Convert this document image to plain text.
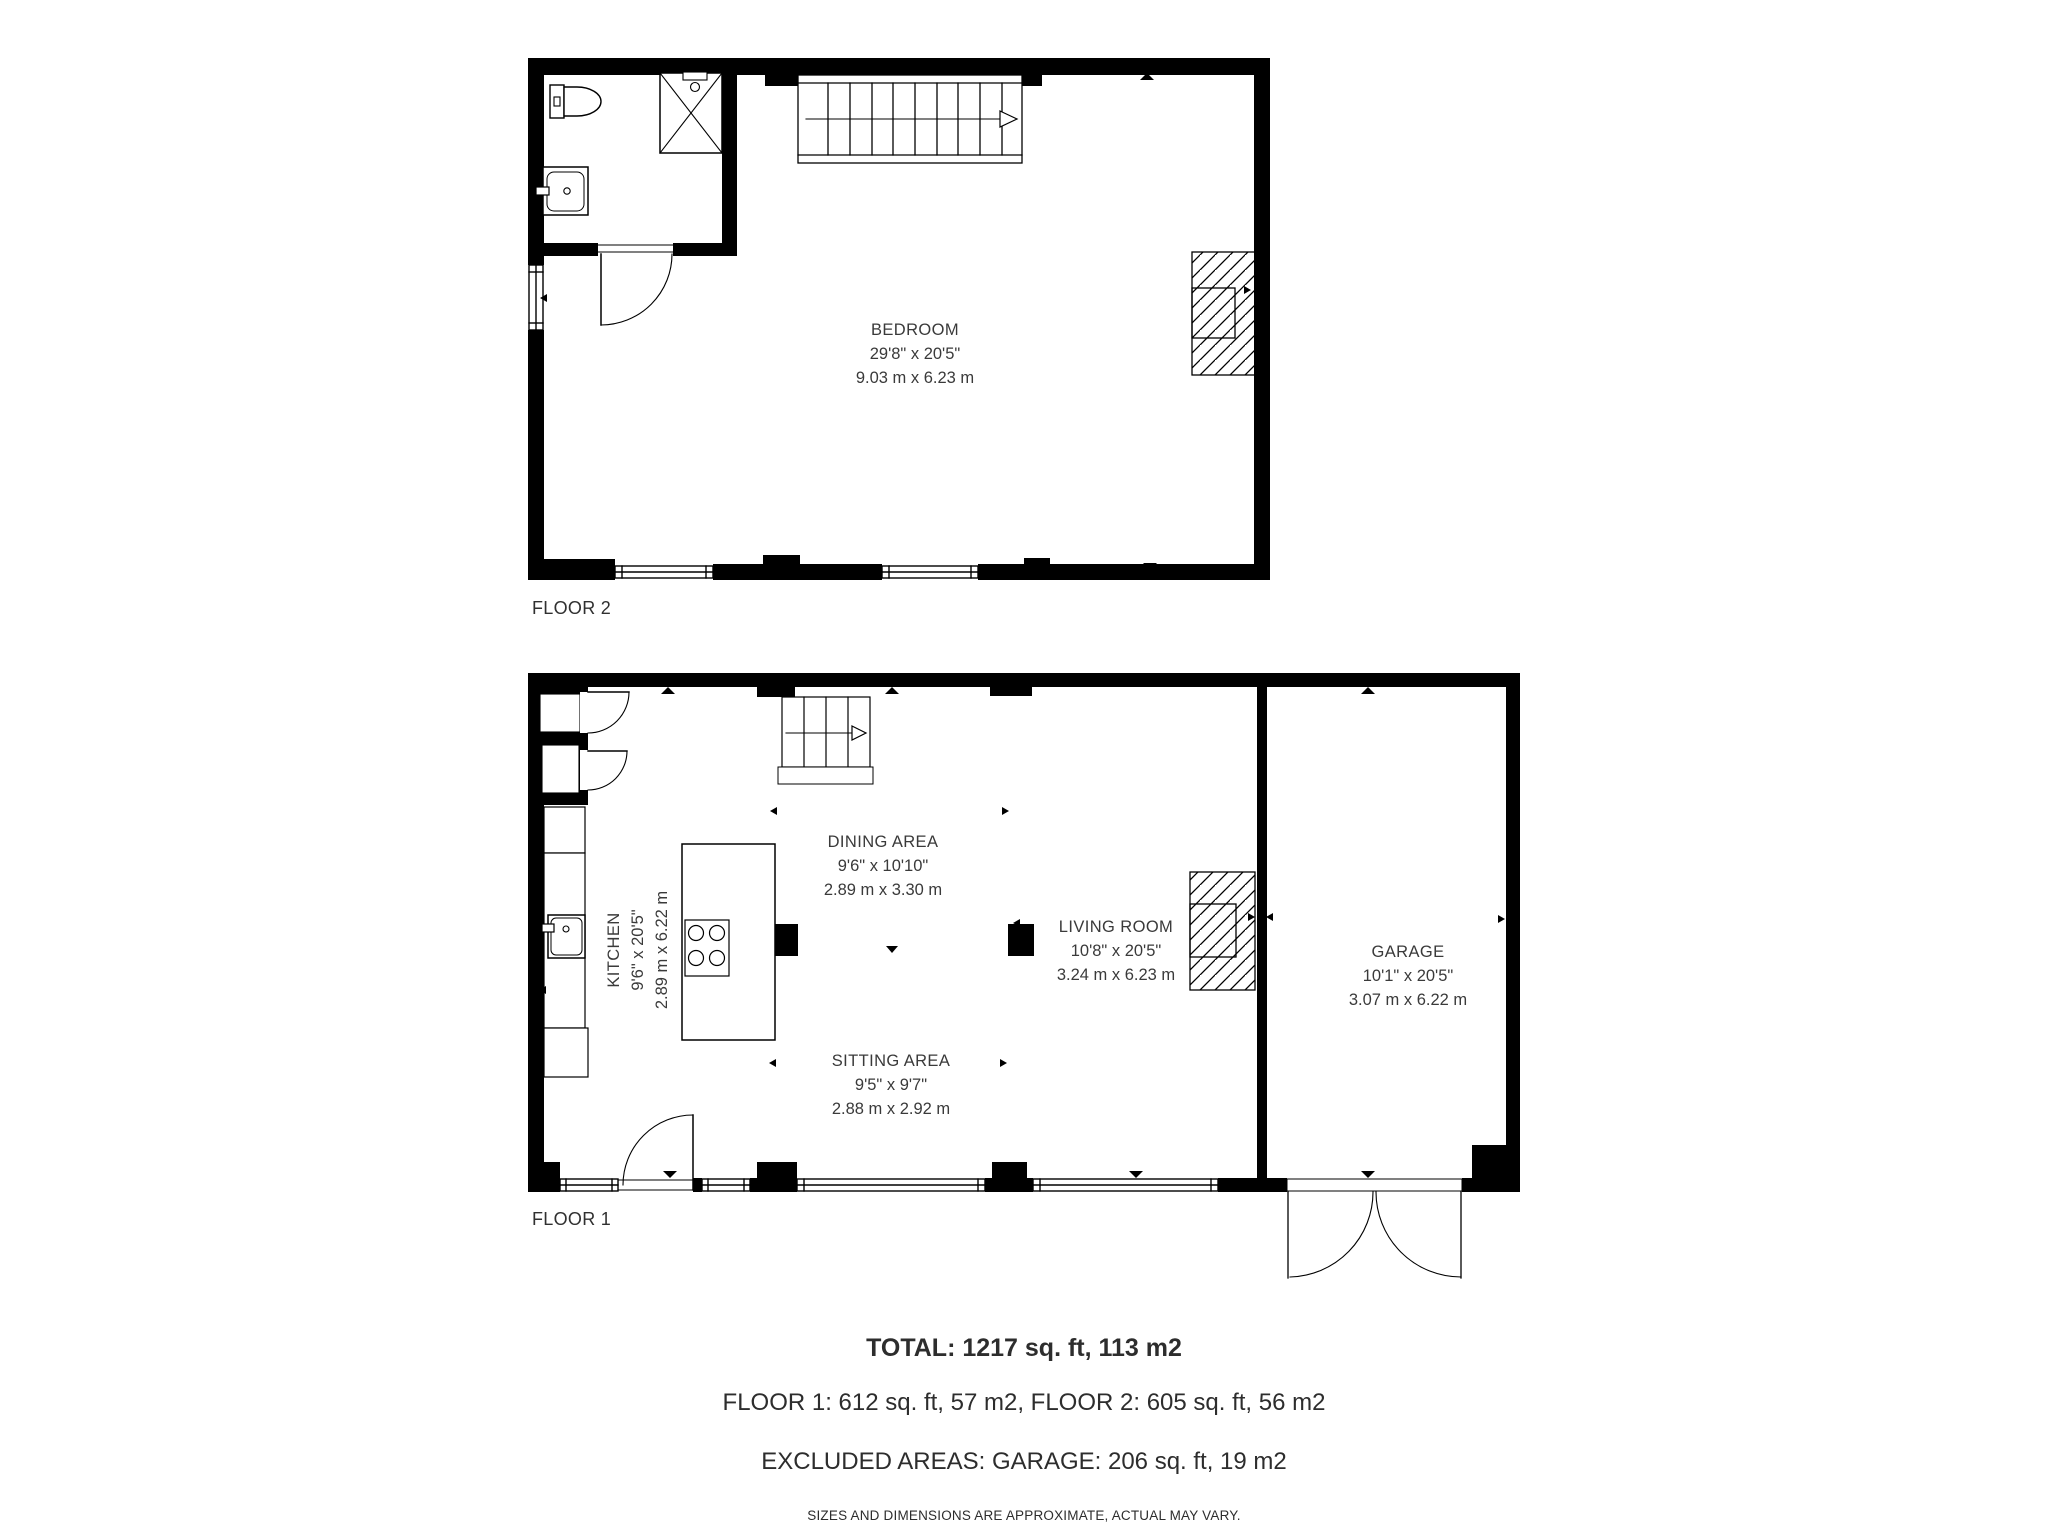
BEDROOM
29'8" x 20'5"
9.03 m x 6.23 m
FLOOR 2
DINING AREA
9'6" x 10'10"
2.89 m x 3.30 m
KITCHEN 9'6" x 20'5" 2.89 m x 6.22 m
SITTING AREA
9'5" x 9'7"
2.88 m x 2.92 m
LIVING ROOM
10'8" x 20'5"
3.24 m x 6.23 m
GARAGE
10'1" x 20'5"
3.07 m x 6.22 m
FLOOR 1
TOTAL: 1217 sq. ft, 113 m2
FLOOR 1: 612 sq. ft, 57 m2, FLOOR 2: 605 sq. ft, 56 m2
EXCLUDED AREAS: GARAGE: 206 sq. ft, 19 m2
SIZES AND DIMENSIONS ARE APPROXIMATE, ACTUAL MAY VARY.
